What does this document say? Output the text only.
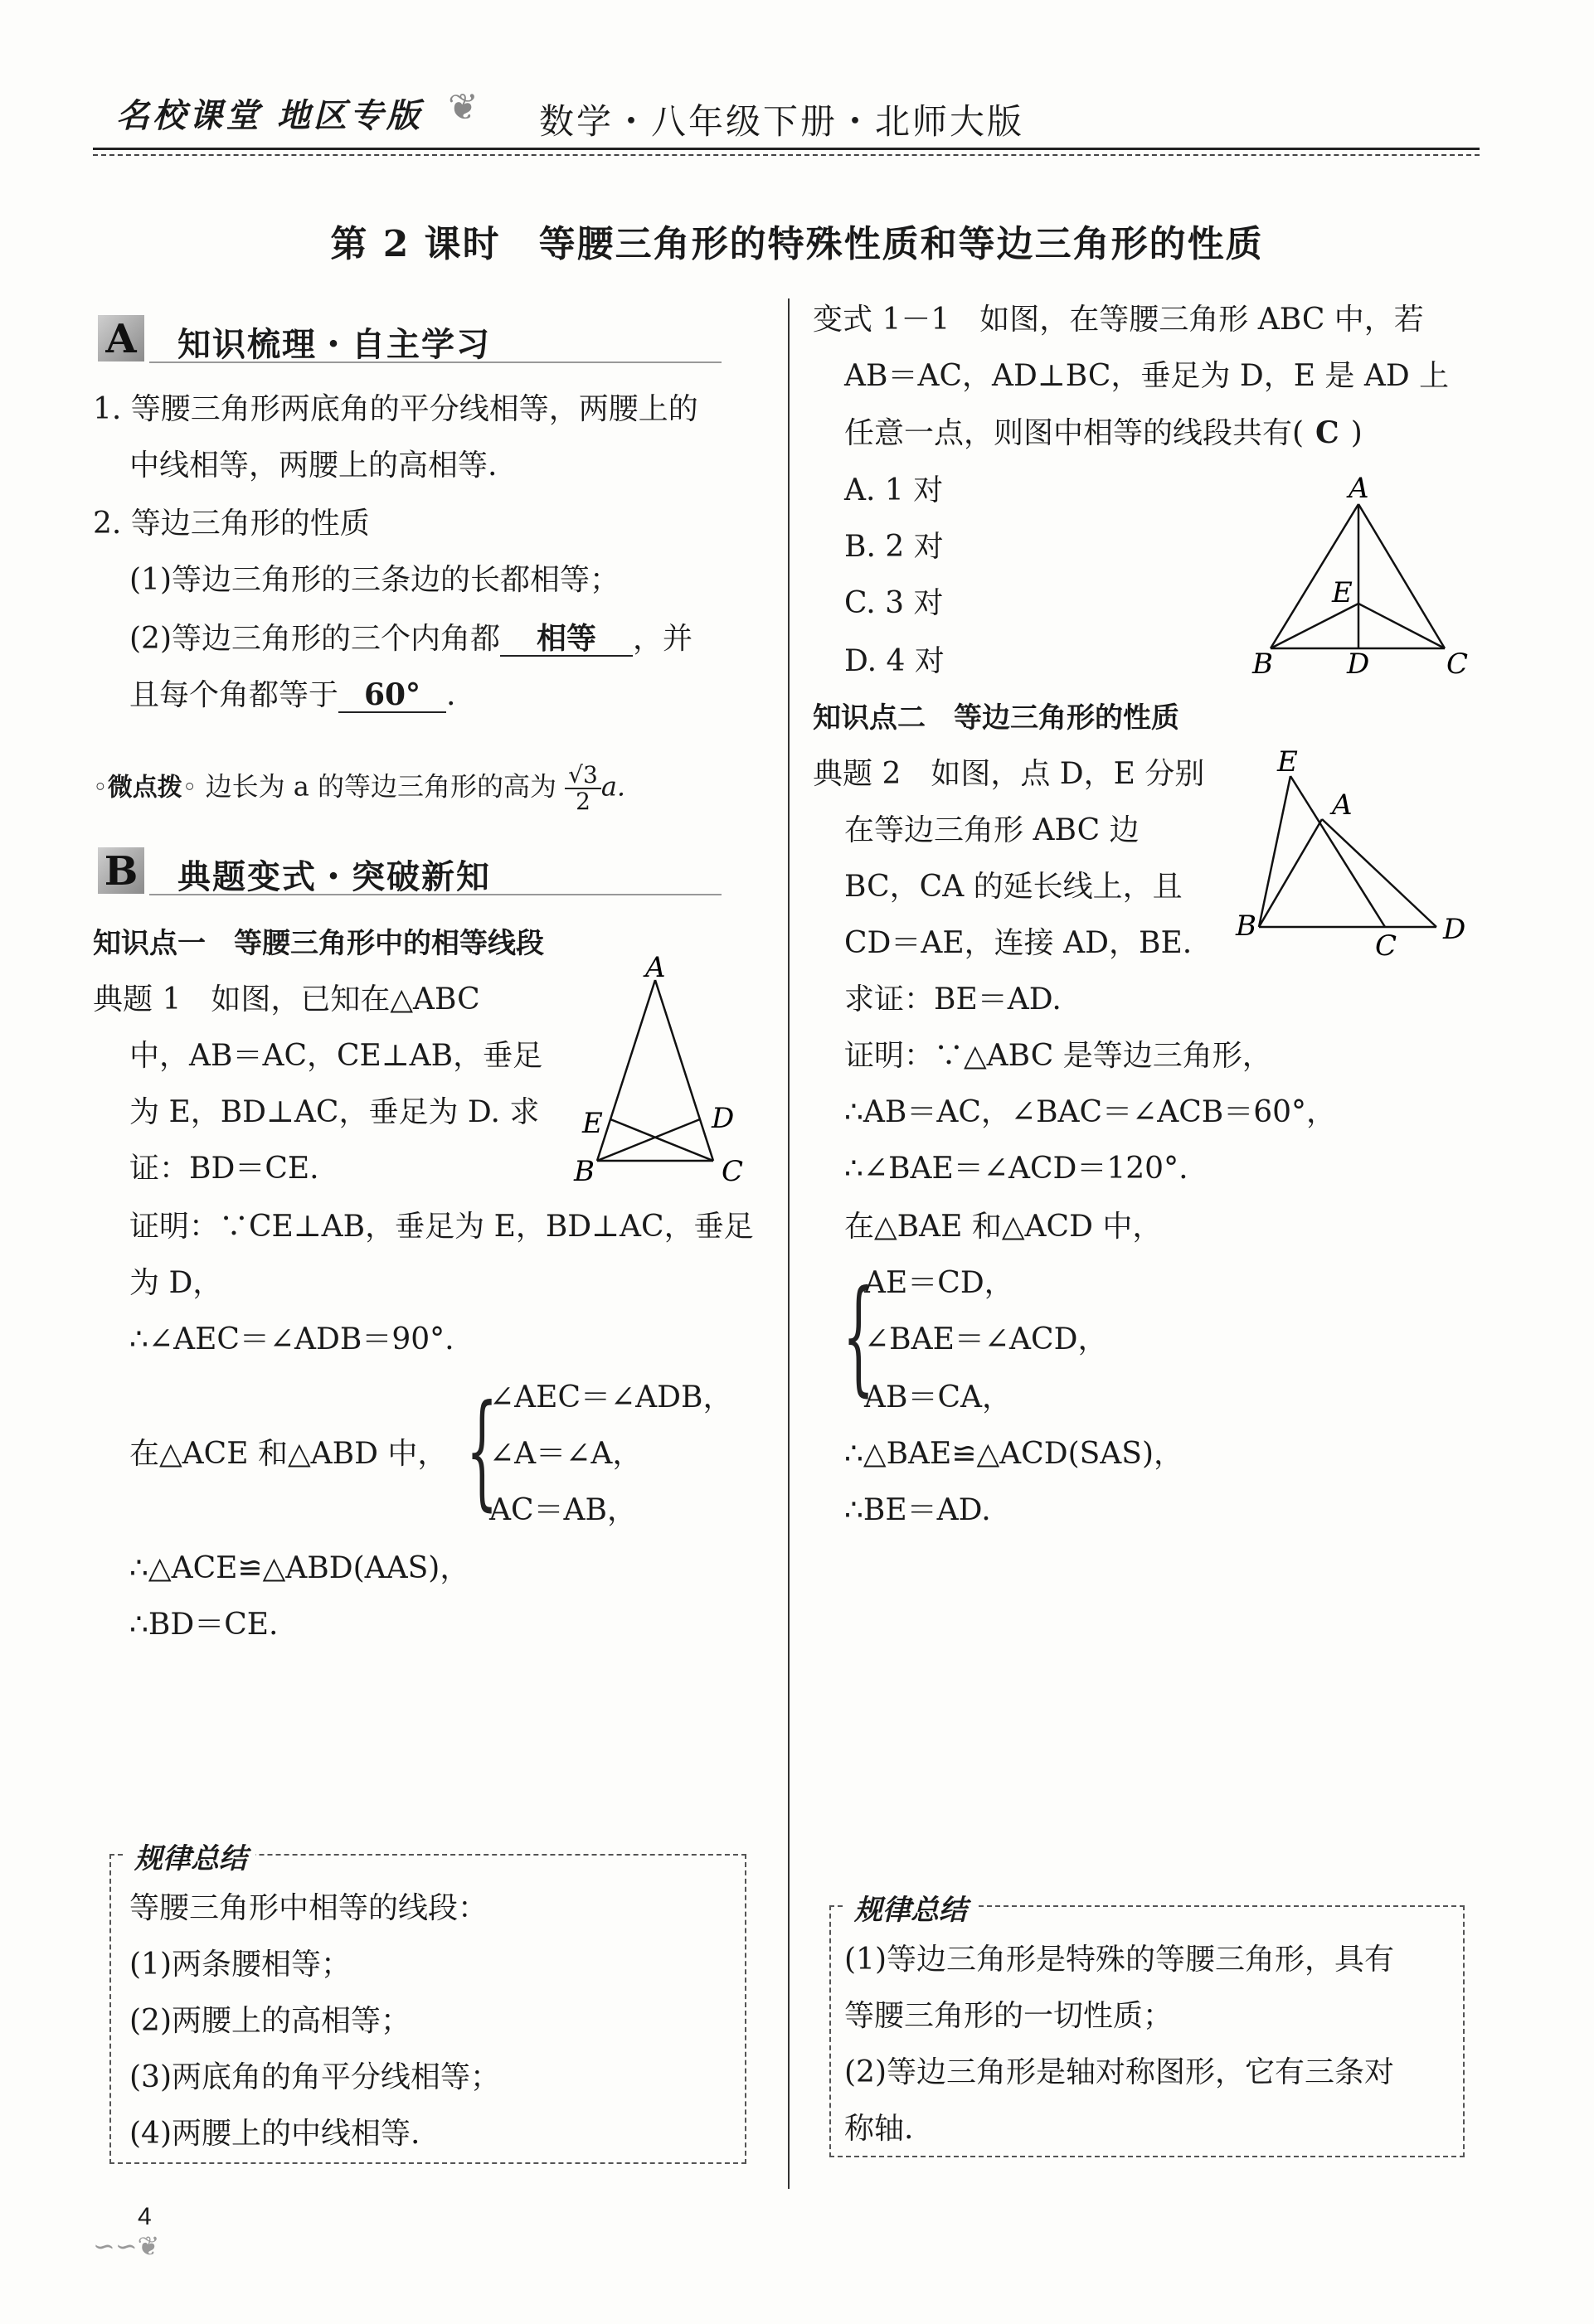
名校课堂 地区专版 ❦ 数学・八年级下册・北师大版
第 2 课时　等腰三角形的特殊性质和等边三角形的性质
A 知识梳理・自主学习
1. 等腰三角形两底角的平分线相等，两腰上的
中线相等，两腰上的高相等.
2. 等边三角形的性质
(1)等边三角形的三条边的长都相等；
(2)等边三角形的三个内角都 相等 ，并
且每个角都等于 60° .
◦微点拨◦ 边长为 a 的等边三角形的高为 $\frac{√3}{2} a$.
B 典题变式・突破新知
知识点一　等腰三角形中的相等线段
典题 1　如图，已知在△ABC
中，AB＝AC，CE⊥AB，垂足
为 E，BD⊥AC，垂足为 D. 求
证：BD＝CE.
A
B	C
D
E
证明：∵CE⊥AB，垂足为 E，BD⊥AC，垂足
为 D，
∴∠AEC＝∠ADB＝90°.
在△ACE 和△ABD 中， {
∠AEC＝∠ADB，
∠A＝∠A，
AC＝AB，
∴△ACE≌△ABD(AAS)，
∴BD＝CE.
规律总结
等腰三角形中相等的线段：
(1)两条腰相等；
(2)两腰上的高相等；
(3)两底角的角平分线相等；
(4)两腰上的中线相等.
变式 1－1　如图，在等腰三角形 ABC 中，若
AB＝AC，AD⊥BC，垂足为 D，E 是 AD 上
任意一点，则图中相等的线段共有( C )
A. 1 对
B. 2 对
C. 3 对
D. 4 对
A
B	D	C
E
知识点二　等边三角形的性质
典题 2　如图，点 D，E 分别
在等边三角形 ABC 边
BC，CA 的延长线上，且
CD＝AE，连接 AD，BE.
求证：BE＝AD.
E
A
B
C D
证明：∵△ABC 是等边三角形，
∴AB＝AC，∠BAC＝∠ACB＝60°，
∴∠BAE＝∠ACD＝120°.
在△BAE 和△ACD 中，
{
AE＝CD，
∠BAE＝∠ACD，
AB＝CA，
∴△BAE≌△ACD(SAS)，
∴BE＝AD.
规律总结
(1)等边三角形是特殊的等腰三角形，具有
等腰三角形的一切性质；
(2)等边三角形是轴对称图形，它有三条对
称轴.
4
∽∽❦
